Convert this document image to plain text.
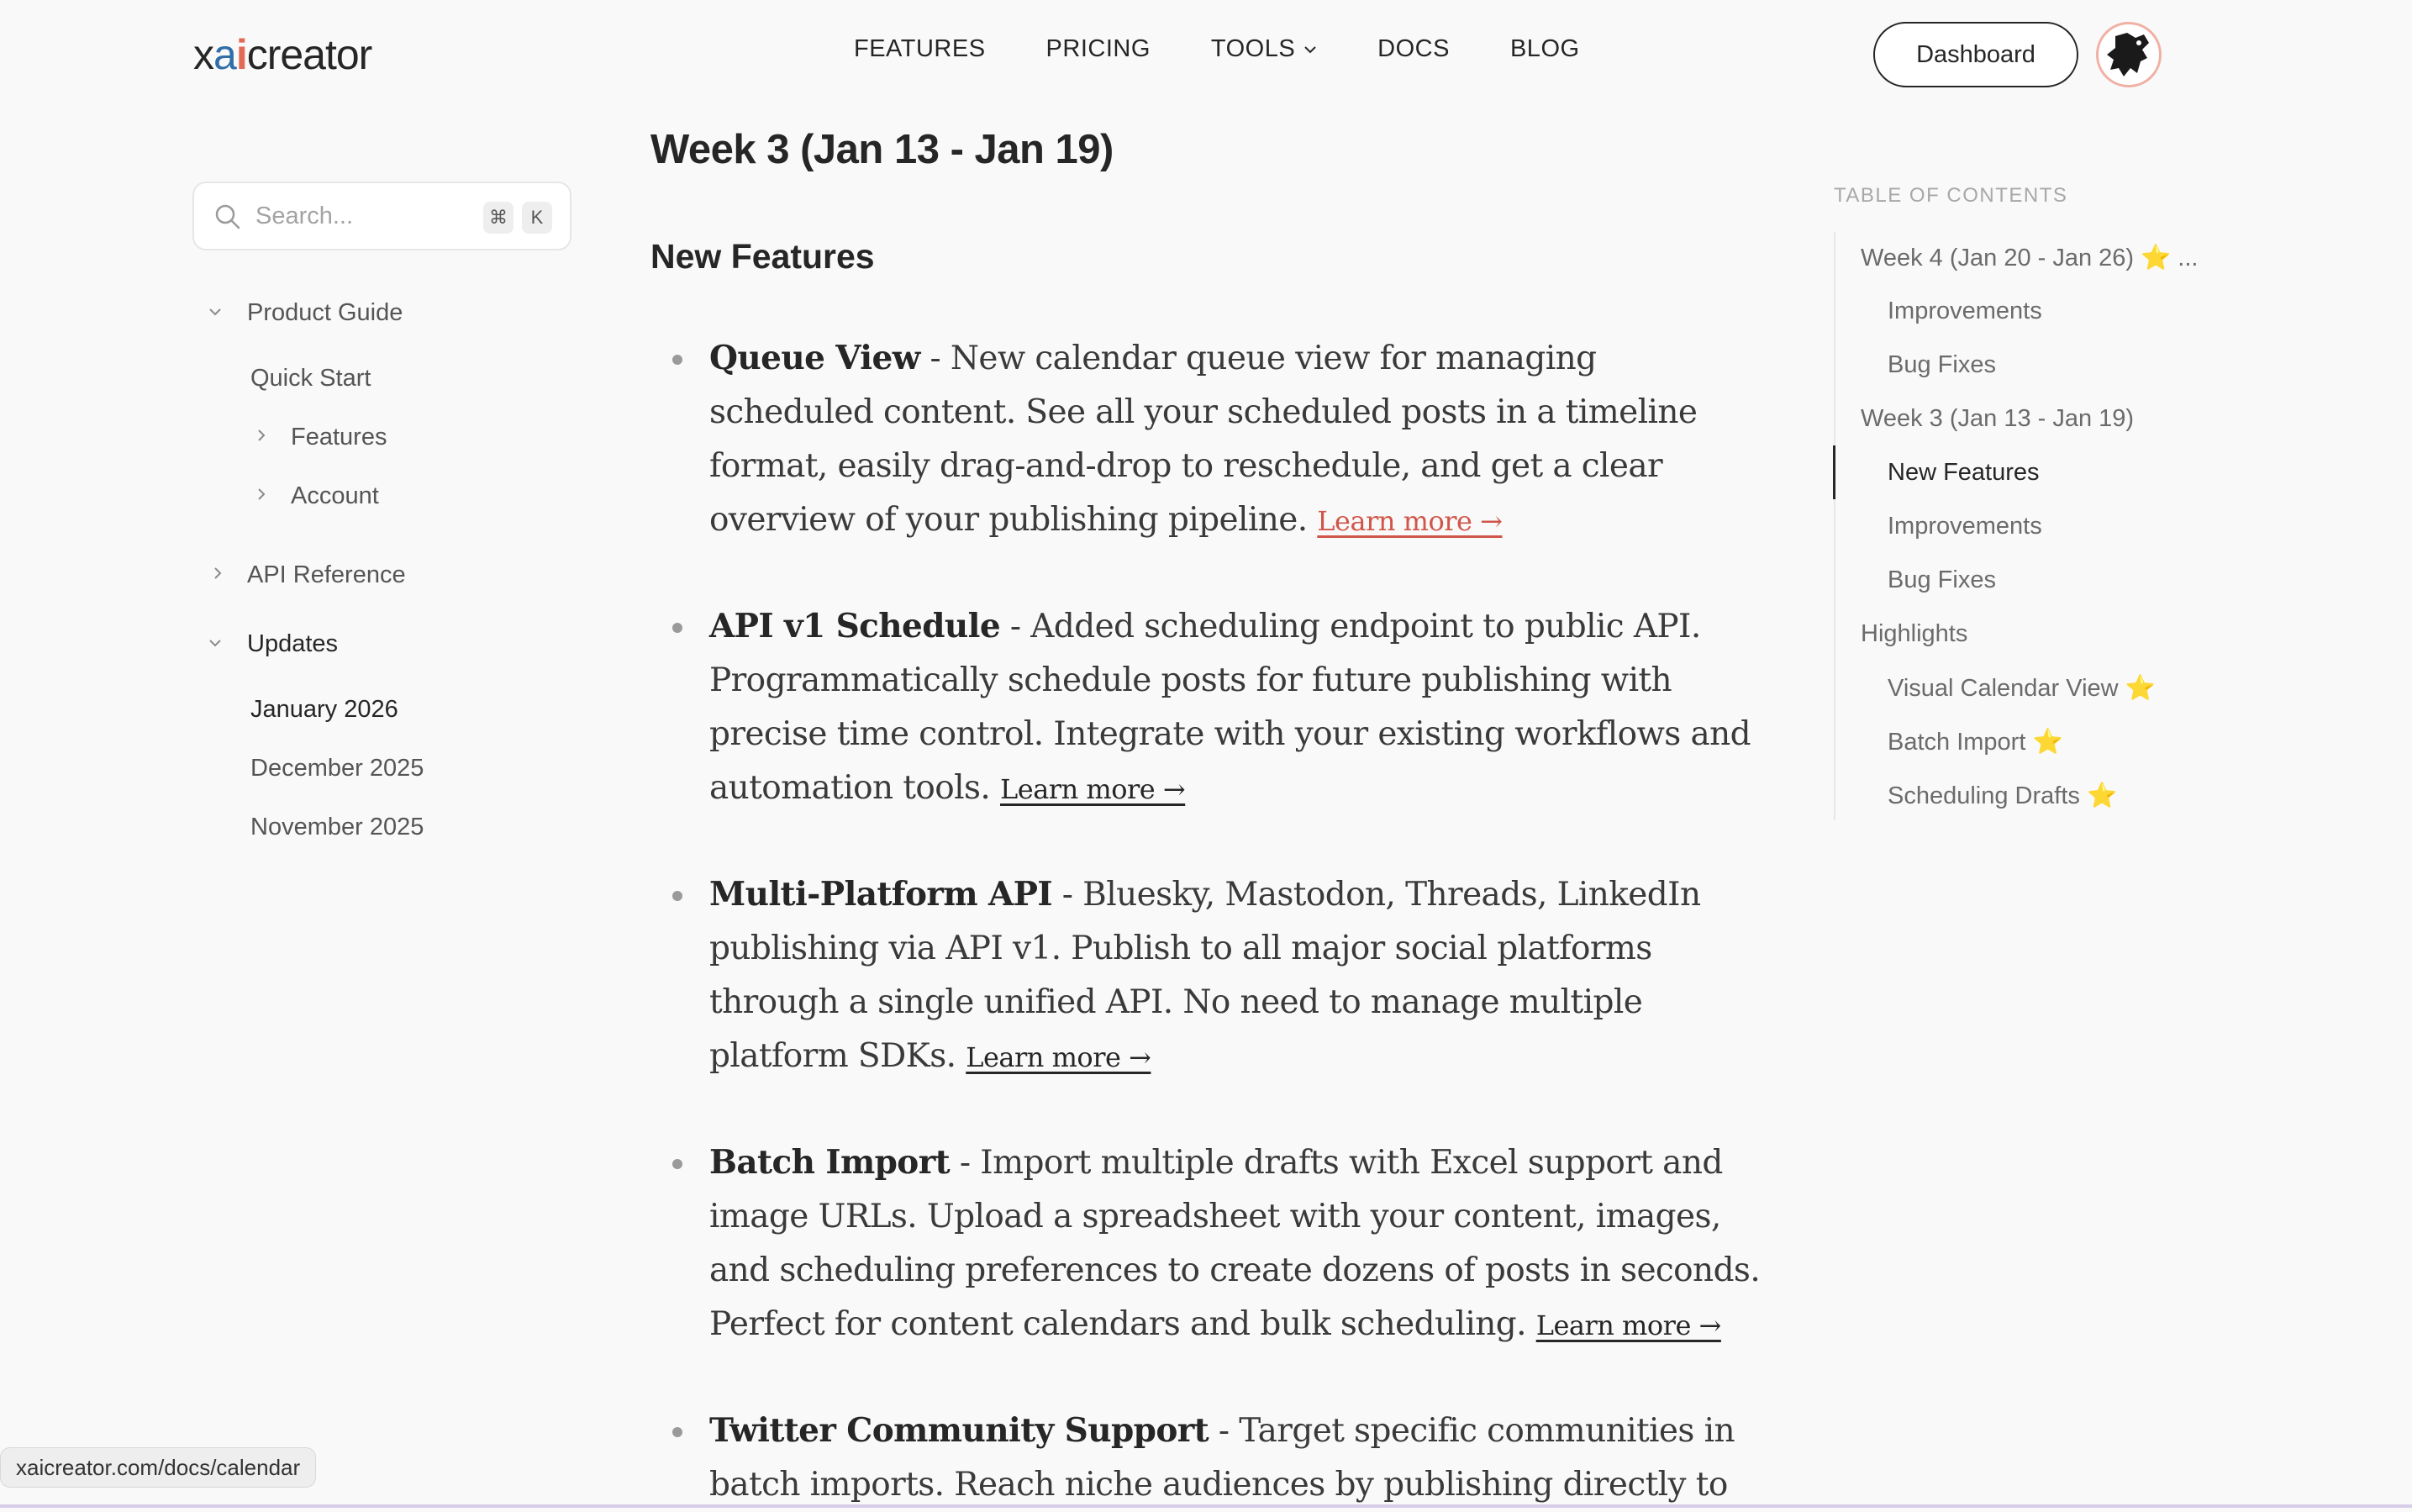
x a i creator	FEATURES PRICING TOOLS	DOCS BLOG	Dashboard
Search...	⌘	K
Product Guide
Quick Start
Features
Account
API Reference
Updates
January 2026
December 2025
November 2025
Week 3 (Jan 13 - Jan 19)
New Features
Queue View - New calendar queue view for managing scheduled content. See all your scheduled posts in a timeline format, easily drag-and-drop to reschedule, and get a clear overview of your publishing pipeline. Learn more →
API v1 Schedule - Added scheduling endpoint to public API. Programmatically schedule posts for future publishing with precise time control. Integrate with your existing workflows and automation tools. Learn more →
Multi-Platform API - Bluesky, Mastodon, Threads, LinkedIn publishing via API v1. Publish to all major social platforms through a single unified API. No need to manage multiple platform SDKs. Learn more →
Batch Import - Import multiple drafts with Excel support and image URLs. Upload a spreadsheet with your content, images, and scheduling preferences to create dozens of posts in seconds. Perfect for content calendars and bulk scheduling. Learn more →
Twitter Community Support - Target specific communities in batch imports. Reach niche audiences by publishing directly to
TABLE OF CONTENTS
Week 4 (Jan 20 - Jan 26) ⭐ ...
Improvements
Bug Fixes
Week 3 (Jan 13 - Jan 19)
New Features
Improvements
Bug Fixes
Highlights
Visual Calendar View ⭐
Batch Import ⭐
Scheduling Drafts ⭐
xaicreator.com/docs/calendar
